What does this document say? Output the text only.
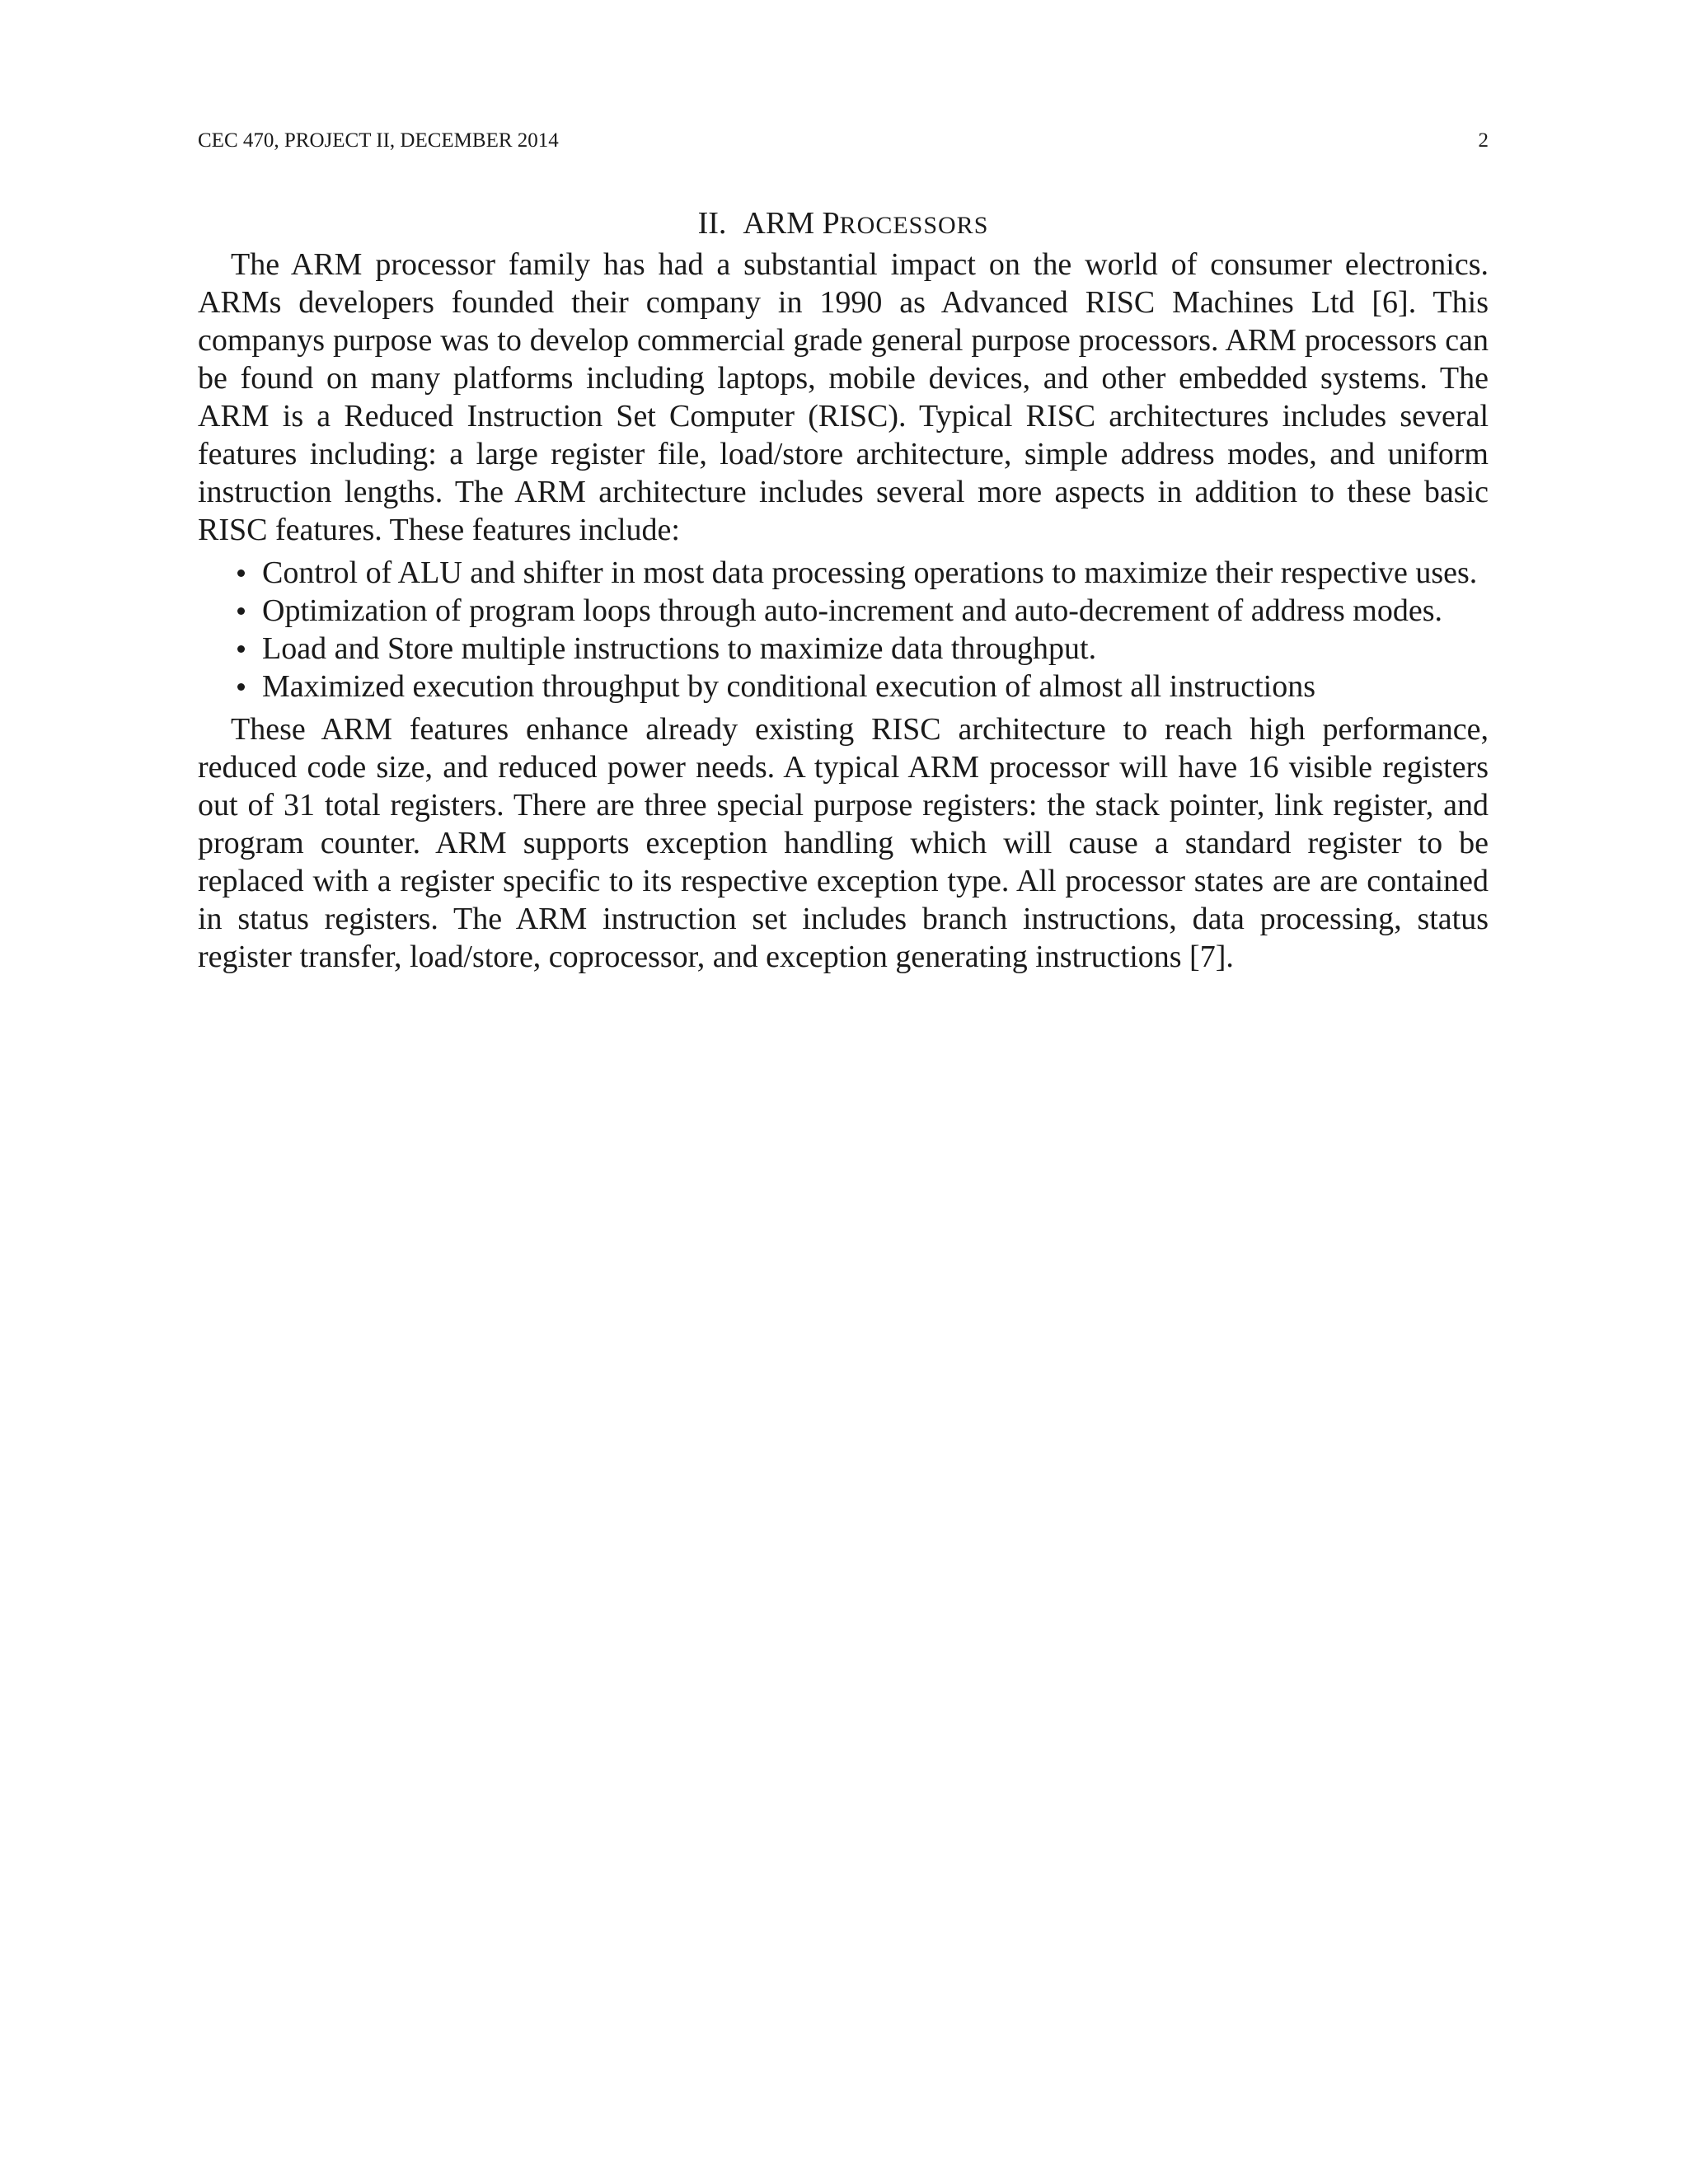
CEC 470, PROJECT II, DECEMBER 2014	2
II. ARM PROCESSORS

The ARM processor family has had a substantial impact on the world of consumer electronics. ARMs developers founded their company in 1990 as Advanced RISC Machines Ltd [6]. This companys purpose was to develop commercial grade general purpose processors. ARM processors can be found on many platforms including laptops, mobile devices, and other embedded systems. The ARM is a Reduced Instruction Set Computer (RISC). Typical RISC architectures includes several features including: a large register file, load/store architecture, simple address modes, and uniform instruction lengths. The ARM architecture includes several more aspects in addition to these basic RISC features. These features include:

Control of ALU and shifter in most data processing operations to maximize their respective uses.
Optimization of program loops through auto-increment and auto-decrement of address modes.
Load and Store multiple instructions to maximize data throughput.
Maximized execution throughput by conditional execution of almost all instructions

These ARM features enhance already existing RISC architecture to reach high performance, reduced code size, and reduced power needs. A typical ARM processor will have 16 visible registers out of 31 total registers. There are three special purpose registers: the stack pointer, link register, and program counter. ARM supports exception handling which will cause a standard register to be replaced with a register specific to its respective exception type. All processor states are are contained in status registers. The ARM instruction set includes branch instructions, data processing, status register transfer, load/store, coprocessor, and exception generating instructions [7].
